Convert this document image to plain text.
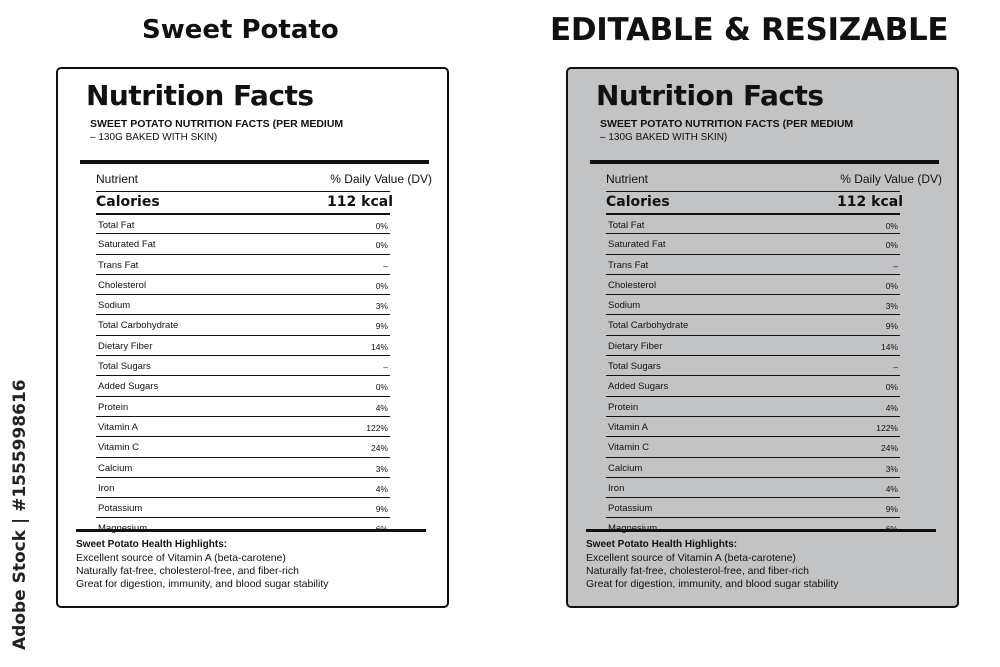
Sweet Potato	EDITABLE & RESIZABLE
Adobe Stock | #1555998616
Nutrition Facts
SWEET POTATO NUTRITION FACTS (PER MEDIUM
– 130G BAKED WITH SKIN)
Nutrient	% Daily Value (DV)
Calories	112 kcal
Total Fat	0%
Saturated Fat	0%
Trans Fat	–
Cholesterol	0%
Sodium	3%
Total Carbohydrate	9%
Dietary Fiber	14%
Total Sugars	–
Added Sugars	0%
Protein	4%
Vitamin A	122%
Vitamin C	24%
Calcium	3%
Iron	4%
Potassium	9%
Sweet Potato Health Highlights:
Excellent source of Vitamin A (beta-carotene)
Naturally fat-free, cholesterol-free, and fiber-rich
Great for digestion, immunity, and blood sugar stability
Nutrition Facts
SWEET POTATO NUTRITION FACTS (PER MEDIUM
– 130G BAKED WITH SKIN)
Nutrient	% Daily Value (DV)
Calories	112 kcal
Total Fat	0%
Saturated Fat	0%
Trans Fat	–
Cholesterol	0%
Sodium	3%
Total Carbohydrate	9%
Dietary Fiber	14%
Total Sugars	–
Added Sugars	0%
Protein	4%
Vitamin A	122%
Vitamin C	24%
Calcium	3%
Iron	4%
Potassium	9%
Sweet Potato Health Highlights:
Excellent source of Vitamin A (beta-carotene)
Naturally fat-free, cholesterol-free, and fiber-rich
Great for digestion, immunity, and blood sugar stability
